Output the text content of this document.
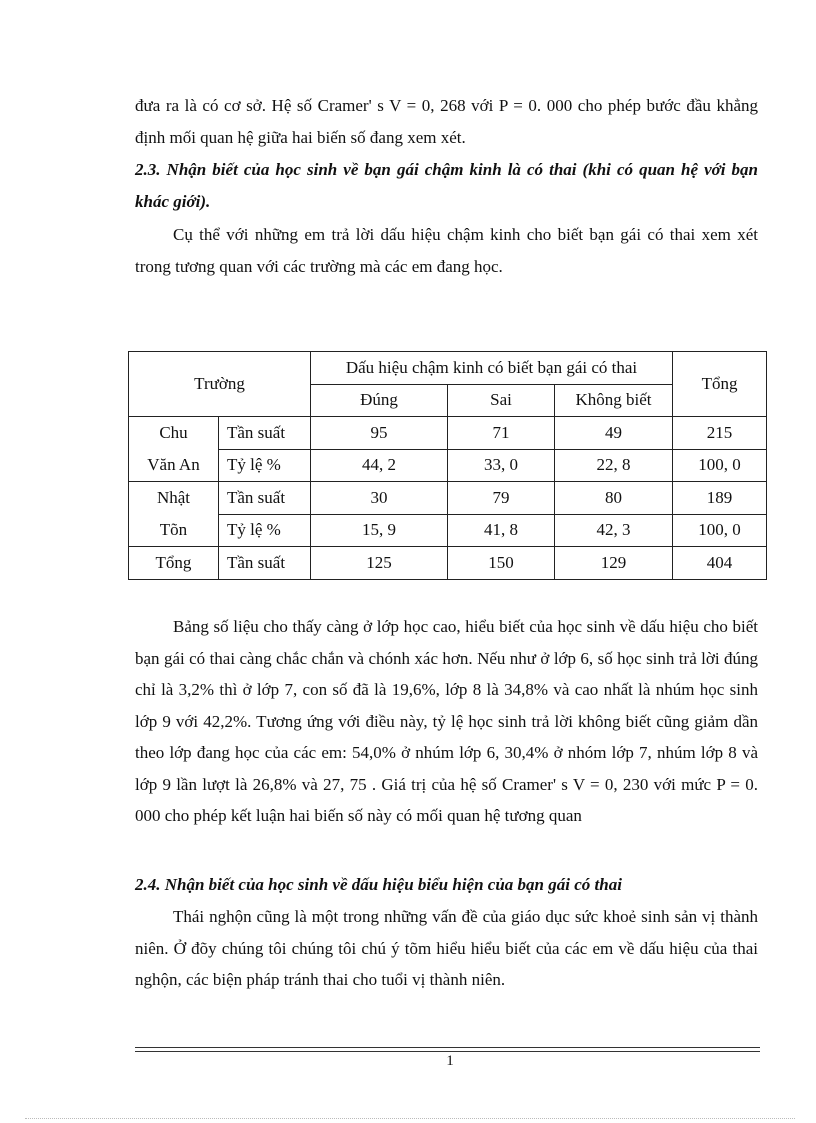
đưa ra là có cơ sở. Hệ số Cramer' s V = 0, 268 với P = 0. 000 cho phép bước đầu khẳng định mối quan hệ giữa hai biến số đang xem xét.

2.3. Nhận biết của học sinh về bạn gái chậm kinh là có thai (khi có quan hệ với bạn khác giới).

Cụ thể với những em trả lời dấu hiệu chậm kinh cho biết bạn gái có thai xem xét trong tương quan với các trường mà các em đang học.

Trường		Dấu hiệu chậm kinh có biết bạn gái có thai			Tổng
		Đúng	Sai	Không biết	
Chu	Tần suất	95	71	49	215
Văn An	Tỷ lệ %	44, 2	33, 0	22, 8	100, 0
Nhật	Tần suất	30	79	80	189
Tõn	Tỷ lệ %	15, 9	41, 8	42, 3	100, 0
Tổng	Tần suất	125	150	129	404

Bảng số liệu cho thấy càng ở lớp học cao, hiểu biết của học sinh về dấu hiệu cho biết bạn gái có thai càng chắc chắn và chónh xác hơn. Nếu như ở lớp 6, số học sinh trả lời đúng chỉ là 3,2% thì ở lớp 7, con số đã là 19,6%, lớp 8 là 34,8% và cao nhất là nhúm học sinh lớp 9 với 42,2%. Tương ứng với điều này, tỷ lệ học sinh trả lời không biết cũng giảm dần theo lớp đang học của các em: 54,0% ở nhúm lớp 6, 30,4% ở nhóm lớp 7, nhúm lớp 8 và lớp 9 lần lượt là 26,8% và 27, 75 . Giá trị của hệ số Cramer' s V = 0, 230 với mức P = 0. 000 cho phép kết luận hai biến số này có mối quan hệ tương quan

2.4. Nhận biết của học sinh về dấu hiệu biểu hiện của bạn gái có thai

Thái nghộn cũng là một trong những vấn đề của giáo dục sức khoẻ sinh sản vị thành niên. Ở đõy chúng tôi chúng tôi chú ý tõm hiểu hiểu biết của các em về dấu hiệu của thai nghộn, các biện pháp tránh thai cho tuổi vị thành niên.

1
